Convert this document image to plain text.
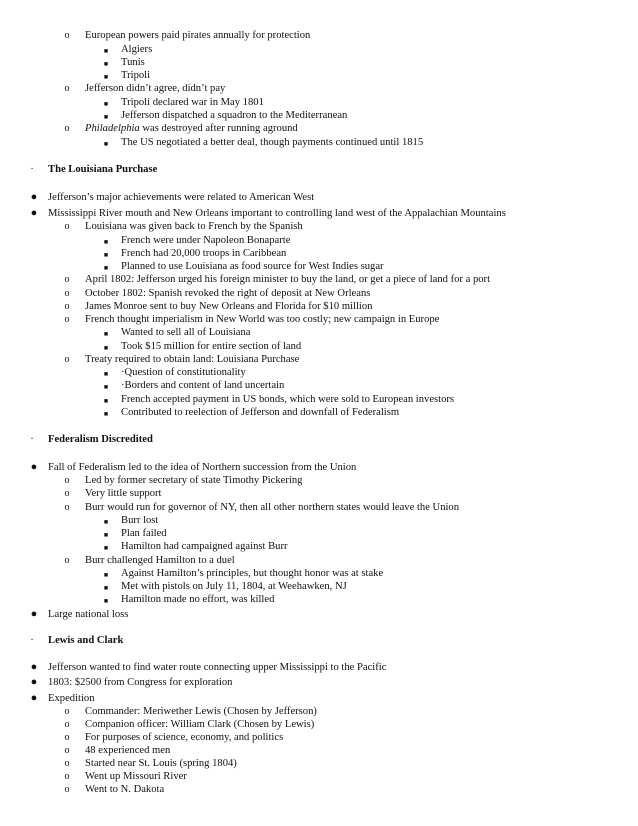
o European powers paid pirates annually for protection
■ Algiers
■ Tunis
■ Tripoli
o Jefferson didn’t agree, didn’t pay
■ Tripoli declared war in May 1801
■ Jefferson dispatched a squadron to the Mediterranean
o Philadelphia was destroyed after running aground
■ The US negotiated a better deal, though payments continued until 1815
· The Louisiana Purchase
● Jefferson’s major achievements were related to American West
● Mississippi River mouth and New Orleans important to controlling land west of the Appalachian Mountains
o Louisiana was given back to French by the Spanish
■ French were under Napoleon Bonaparte
■ French had 20,000 troops in Caribbean
■ Planned to use Louisiana as food source for West Indies sugar
o April 1802: Jefferson urged his foreign minister to buy the land, or get a piece of land for a port
o October 1802: Spanish revoked the right of deposit at New Orleans
o James Monroe sent to buy New Orleans and Florida for $10 million
o French thought imperialism in New World was too costly; new campaign in Europe
■ Wanted to sell all of Louisiana
■ Took $15 million for entire section of land
o Treaty required to obtain land: Louisiana Purchase
■ ·Question of constitutionality
■ ·Borders and content of land uncertain
■ French accepted payment in US bonds, which were sold to European investors
■ Contributed to reelection of Jefferson and downfall of Federalism
· Federalism Discredited
● Fall of Federalism led to the idea of Northern succession from the Union
o Led by former secretary of state Timothy Pickering
o Very little support
o Burr would run for governor of NY, then all other northern states would leave the Union
■ Burr lost
■ Plan failed
■ Hamilton had campaigned against Burr
o Burr challenged Hamilton to a duel
■ Against Hamilton’s principles, but thought honor was at stake
■ Met with pistols on July 11, 1804, at Weehawken, NJ
■ Hamilton made no effort, was killed
● Large national loss
· Lewis and Clark
● Jefferson wanted to find water route connecting upper Mississippi to the Pacific
● 1803: $2500 from Congress for exploration
● Expedition
o Commander: Meriwether Lewis (Chosen by Jefferson)
o Companion officer: William Clark (Chosen by Lewis)
o For purposes of science, economy, and politics
o 48 experienced men
o Started near St. Louis (spring 1804)
o Went up Missouri River
o Went to N. Dakota
